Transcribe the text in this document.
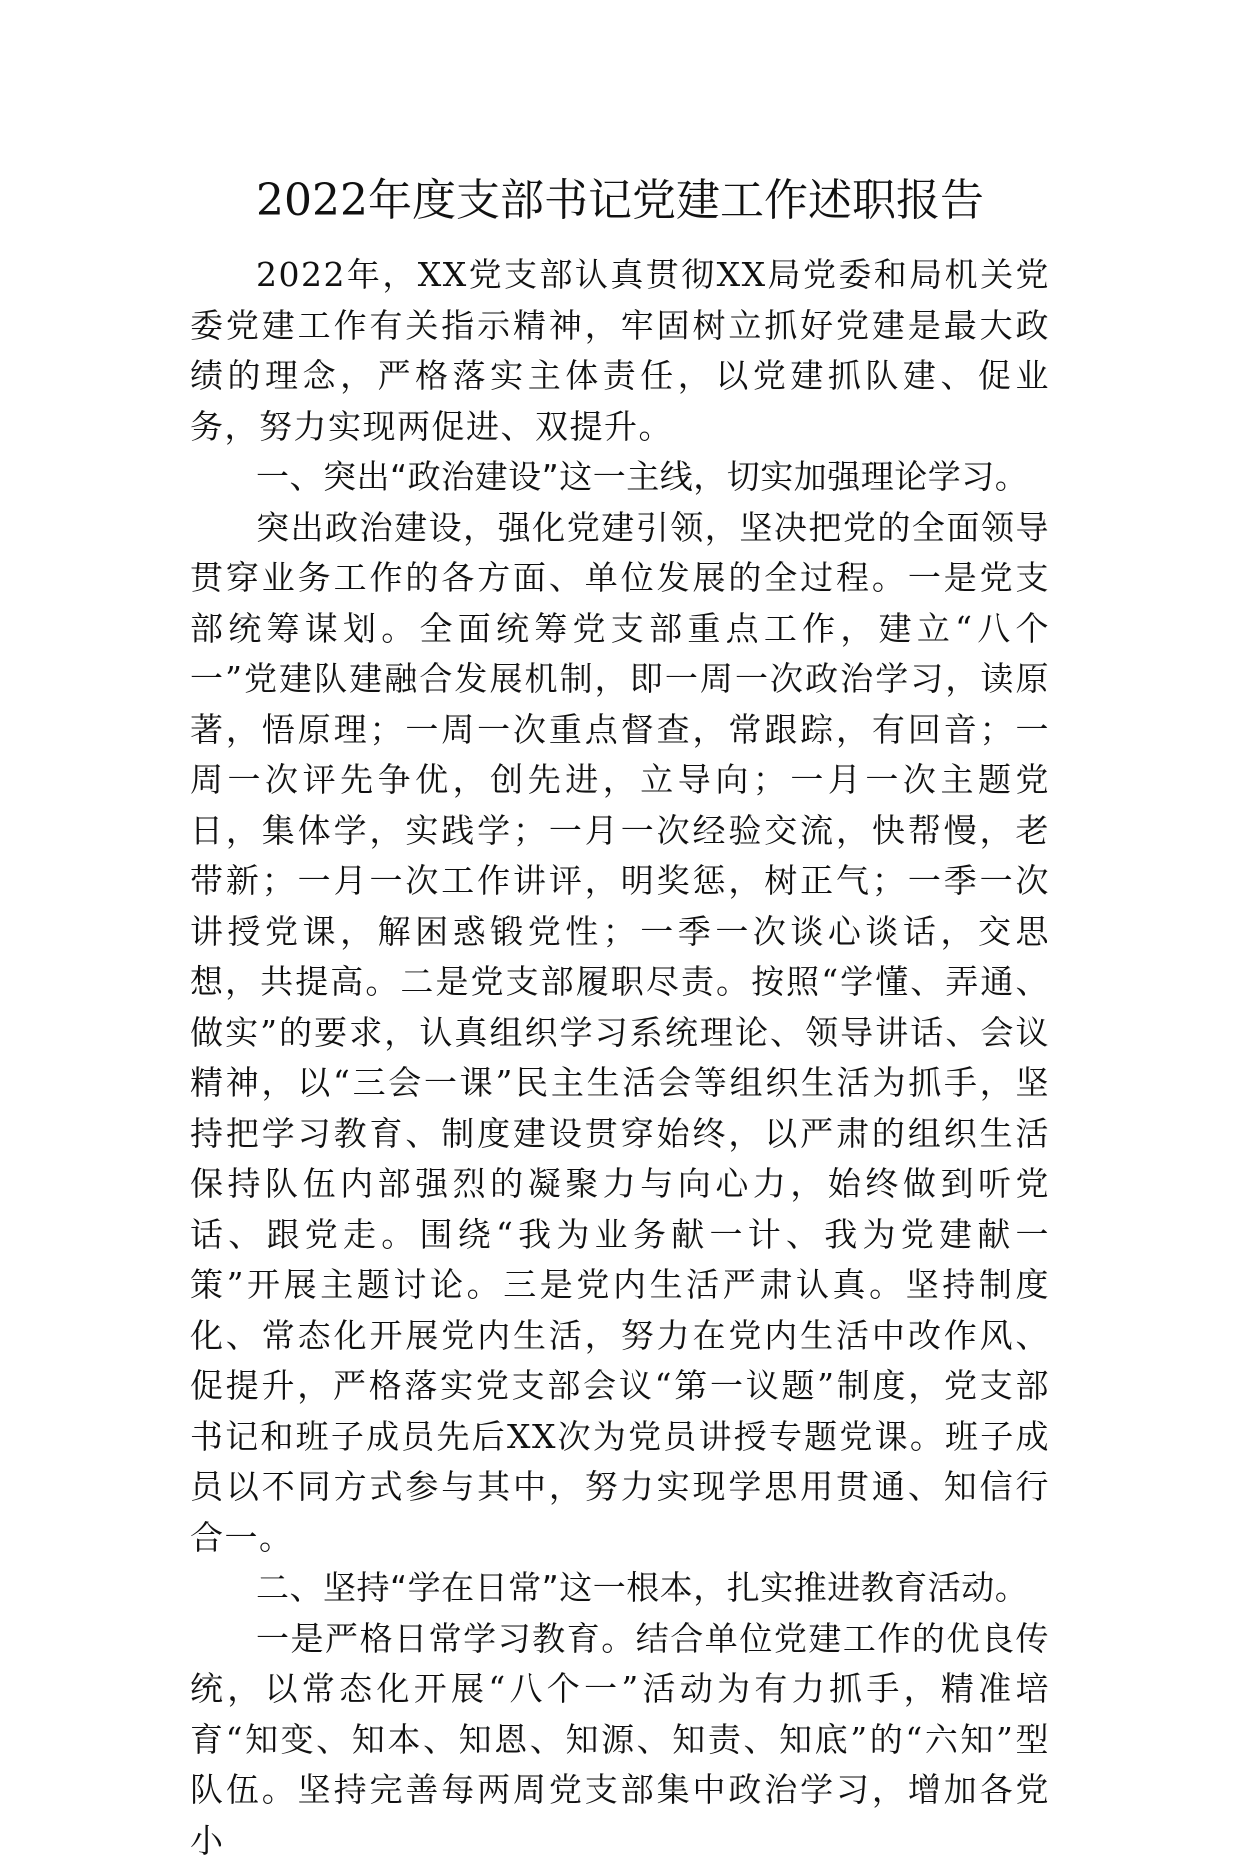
2022年度支部书记党建工作述职报告

2022年，XX党支部认真贯彻XX局党委和局机关党委党建工作有关指示精神，牢固树立抓好党建是最大政绩的理念，严格落实主体责任，以党建抓队建、促业务，努力实现两促进、双提升。

一、突出“政治建设”这一主线，切实加强理论学习。

突出政治建设，强化党建引领，坚决把党的全面领导贯穿业务工作的各方面、单位发展的全过程。一是党支部统筹谋划。全面统筹党支部重点工作，建立“八个一”党建队建融合发展机制，即一周一次政治学习，读原著，悟原理；一周一次重点督查，常跟踪，有回音；一周一次评先争优，创先进，立导向；一月一次主题党日，集体学，实践学；一月一次经验交流，快帮慢，老带新；一月一次工作讲评，明奖惩，树正气；一季一次讲授党课，解困惑锻党性；一季一次谈心谈话，交思想，共提高。二是党支部履职尽责。按照“学懂、弄通、做实”的要求，认真组织学习系统理论、领导讲话、会议精神，以“三会一课”民主生活会等组织生活为抓手，坚持把学习教育、制度建设贯穿始终，以严肃的组织生活保持队伍内部强烈的凝聚力与向心力，始终做到听党话、跟党走。围绕“我为业务献一计、我为党建献一策”开展主题讨论。三是党内生活严肃认真。坚持制度化、常态化开展党内生活，努力在党内生活中改作风、促提升，严格落实党支部会议“第一议题”制度，党支部书记和班子成员先后XX次为党员讲授专题党课。班子成员以不同方式参与其中，努力实现学思用贯通、知信行合一。

二、坚持“学在日常”这一根本，扎实推进教育活动。

一是严格日常学习教育。结合单位党建工作的优良传统，以常态化开展“八个一”活动为有力抓手，精准培育“知变、知本、知恩、知源、知责、知底”的“六知”型队伍。坚持完善每两周党支部集中政治学习，增加各党小
